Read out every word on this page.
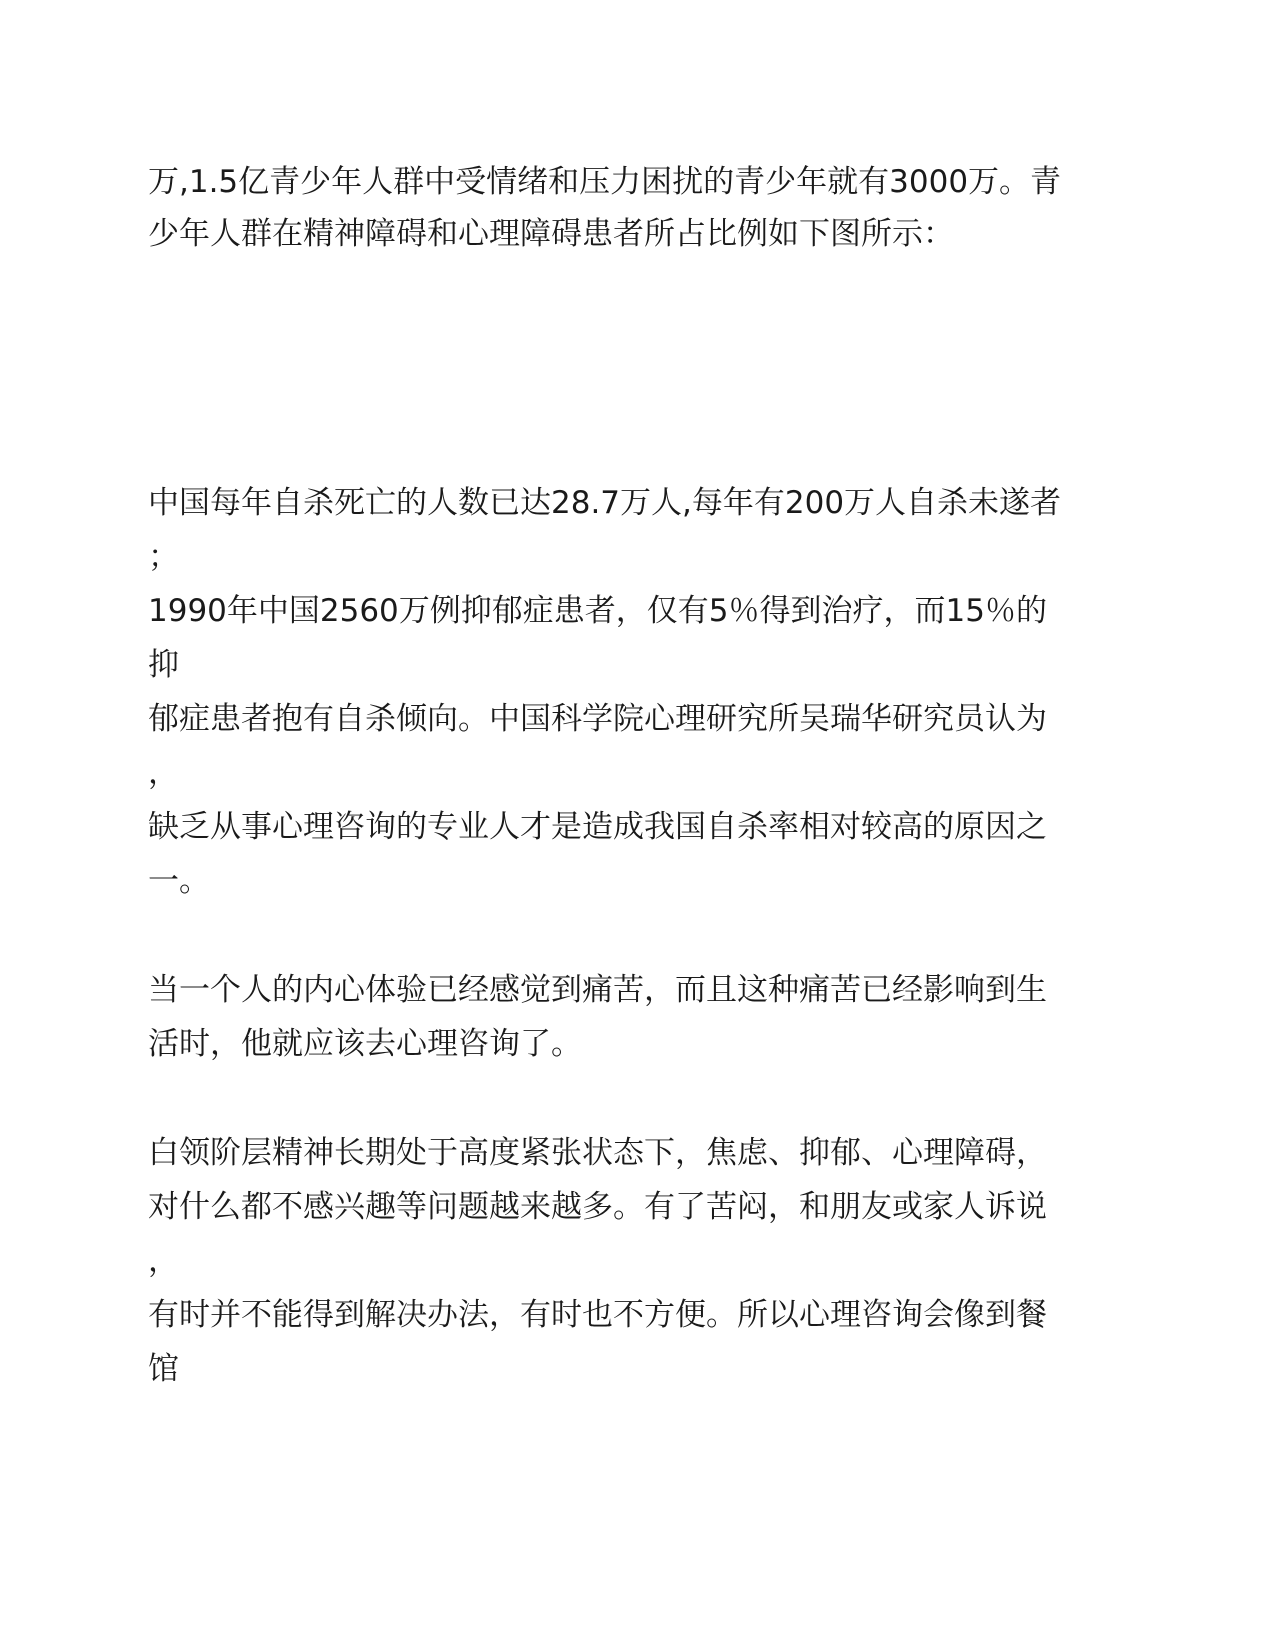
万,1.5亿青少年人群中受情绪和压力困扰的青少年就有3000万。青
少年人群在精神障碍和心理障碍患者所占比例如下图所示：
中国每年自杀死亡的人数已达28.7万人,每年有200万人自杀未遂者
；
1990年中国2560万例抑郁症患者，仅有5％得到治疗，而15％的
抑
郁症患者抱有自杀倾向。中国科学院心理研究所吴瑞华研究员认为
，
缺乏从事心理咨询的专业人才是造成我国自杀率相对较高的原因之
一。
当一个人的内心体验已经感觉到痛苦，而且这种痛苦已经影响到生
活时，他就应该去心理咨询了。
白领阶层精神长期处于高度紧张状态下，焦虑、抑郁、心理障碍，
对什么都不感兴趣等问题越来越多。有了苦闷，和朋友或家人诉说
，
有时并不能得到解决办法，有时也不方便。所以心理咨询会像到餐
馆
